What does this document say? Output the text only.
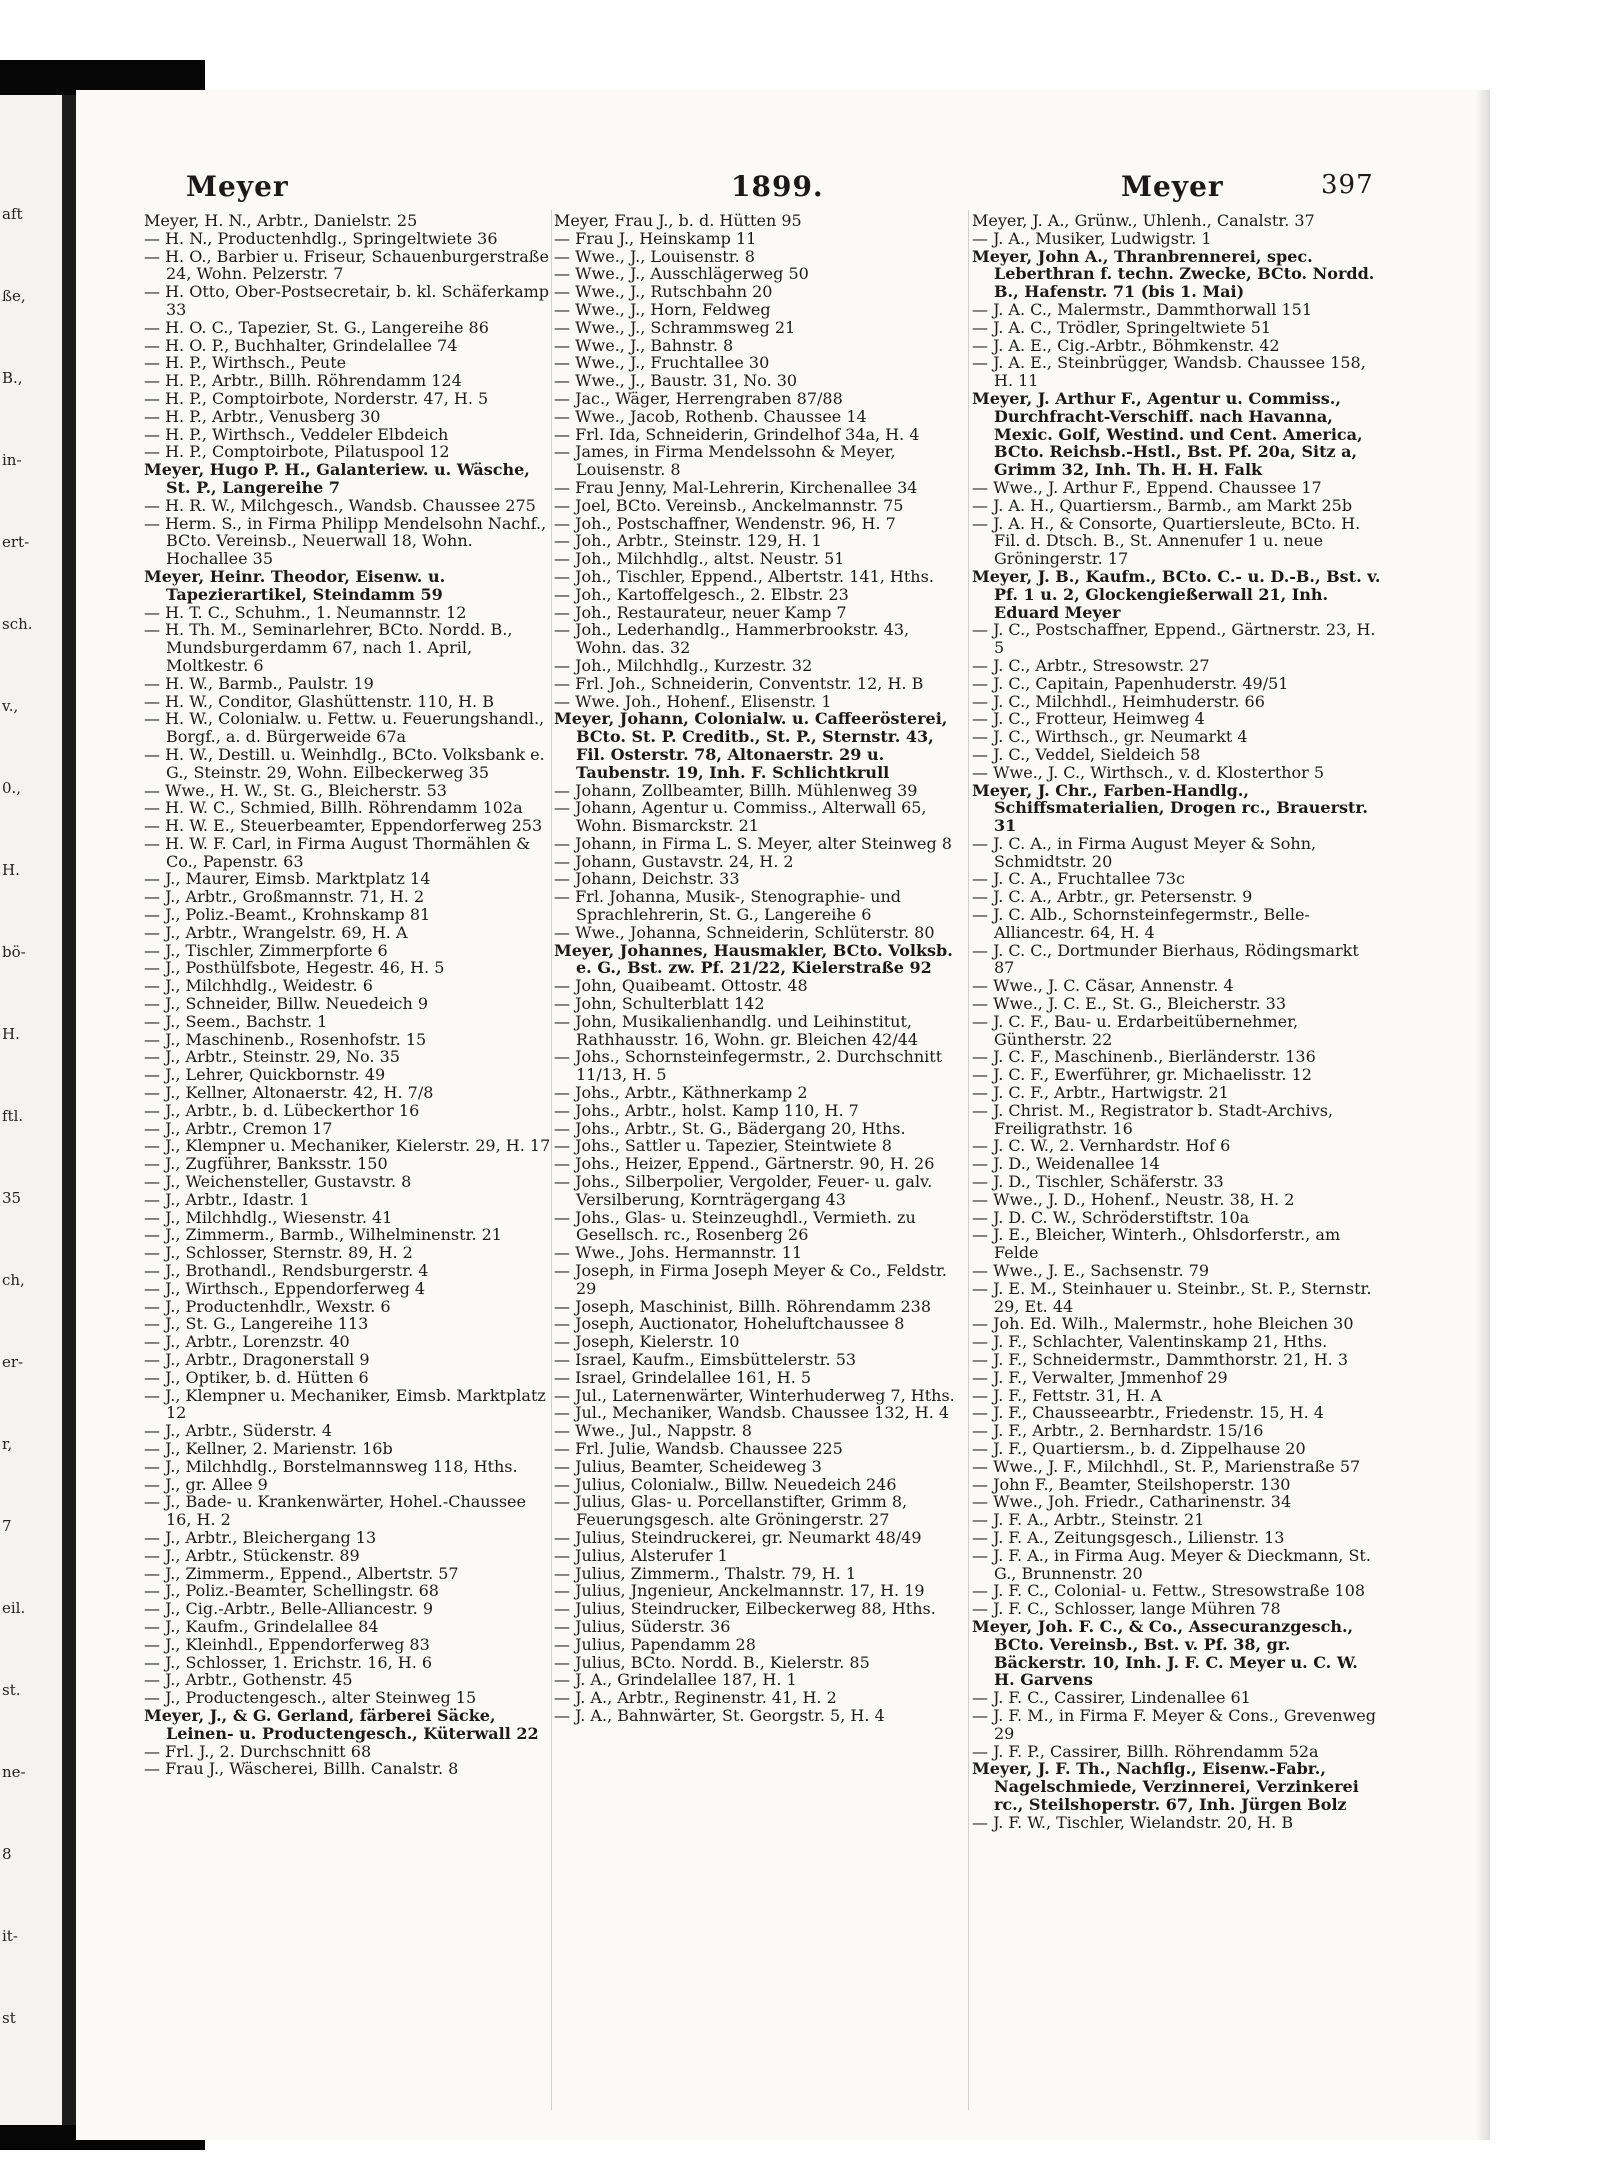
aft
ße,
B.,
in-
ert-
sch.
v.,
0.,
H.
bö-
H.
ftl.
35
ch,
er-
r,
7
eil.
st.
ne-
8
it-
st
Meyer	1899.	Meyer	397
Meyer, H. N., Arbtr., Danielstr. 25
— H. N., Productenhdlg., Springeltwiete 36
— H. O., Barbier u. Friseur, Schauenburgerstraße 24, Wohn. Pelzerstr. 7
— H. Otto, Ober-Postsecretair, b. kl. Schäferkamp 33
— H. O. C., Tapezier, St. G., Langereihe 86
— H. O. P., Buchhalter, Grindelallee 74
— H. P., Wirthsch., Peute
— H. P., Arbtr., Billh. Röhrendamm 124
— H. P., Comptoirbote, Norderstr. 47, H. 5
— H. P., Arbtr., Venusberg 30
— H. P., Wirthsch., Veddeler Elbdeich
— H. P., Comptoirbote, Pilatuspool 12
Meyer, Hugo P. H., Galanteriew. u. Wäsche, St. P., Langereihe 7
— H. R. W., Milchgesch., Wandsb. Chaussee 275
— Herm. S., in Firma Philipp Mendelsohn Nachf., BCto. Vereinsb., Neuerwall 18, Wohn. Hochallee 35
Meyer, Heinr. Theodor, Eisenw. u. Tapezierartikel, Steindamm 59
— H. T. C., Schuhm., 1. Neumannstr. 12
— H. Th. M., Seminarlehrer, BCto. Nordd. B., Mundsburgerdamm 67, nach 1. April, Moltkestr. 6
— H. W., Barmb., Paulstr. 19
— H. W., Conditor, Glashüttenstr. 110, H. B
— H. W., Colonialw. u. Fettw. u. Feuerungshandl., Borgf., a. d. Bürgerweide 67a
— H. W., Destill. u. Weinhdlg., BCto. Volksbank e. G., Steinstr. 29, Wohn. Eilbeckerweg 35
— Wwe., H. W., St. G., Bleicherstr. 53
— H. W. C., Schmied, Billh. Röhrendamm 102a
— H. W. E., Steuerbeamter, Eppendorferweg 253
— H. W. F. Carl, in Firma August Thormählen & Co., Papenstr. 63
— J., Maurer, Eimsb. Marktplatz 14
— J., Arbtr., Großmannstr. 71, H. 2
— J., Poliz.-Beamt., Krohnskamp 81
— J., Arbtr., Wrangelstr. 69, H. A
— J., Tischler, Zimmerpforte 6
— J., Posthülfsbote, Hegestr. 46, H. 5
— J., Milchhdlg., Weidestr. 6
— J., Schneider, Billw. Neuedeich 9
— J., Seem., Bachstr. 1
— J., Maschinenb., Rosenhofstr. 15
— J., Arbtr., Steinstr. 29, No. 35
— J., Lehrer, Quickbornstr. 49
— J., Kellner, Altonaerstr. 42, H. 7/8
— J., Arbtr., b. d. Lübeckerthor 16
— J., Arbtr., Cremon 17
— J., Klempner u. Mechaniker, Kielerstr. 29, H. 17
— J., Zugführer, Banksstr. 150
— J., Weichensteller, Gustavstr. 8
— J., Arbtr., Idastr. 1
— J., Milchhdlg., Wiesenstr. 41
— J., Zimmerm., Barmb., Wilhelminenstr. 21
— J., Schlosser, Sternstr. 89, H. 2
— J., Brothandl., Rendsburgerstr. 4
— J., Wirthsch., Eppendorferweg 4
— J., Productenhdlr., Wexstr. 6
— J., St. G., Langereihe 113
— J., Arbtr., Lorenzstr. 40
— J., Arbtr., Dragonerstall 9
— J., Optiker, b. d. Hütten 6
— J., Klempner u. Mechaniker, Eimsb. Marktplatz 12
— J., Arbtr., Süderstr. 4
— J., Kellner, 2. Marienstr. 16b
— J., Milchhdlg., Borstelmannsweg 118, Hths.
— J., gr. Allee 9
— J., Bade- u. Krankenwärter, Hohel.-Chaussee 16, H. 2
— J., Arbtr., Bleichergang 13
— J., Arbtr., Stückenstr. 89
— J., Zimmerm., Eppend., Albertstr. 57
— J., Poliz.-Beamter, Schellingstr. 68
— J., Cig.-Arbtr., Belle-Alliancestr. 9
— J., Kaufm., Grindelallee 84
— J., Kleinhdl., Eppendorferweg 83
— J., Schlosser, 1. Erichstr. 16, H. 6
— J., Arbtr., Gothenstr. 45
— J., Productengesch., alter Steinweg 15
Meyer, J., & G. Gerland, färberei Säcke, Leinen- u. Productengesch., Küterwall 22
— Frl. J., 2. Durchschnitt 68
— Frau J., Wäscherei, Billh. Canalstr. 8
Meyer, Frau J., b. d. Hütten 95
— Frau J., Heinskamp 11
— Wwe., J., Louisenstr. 8
— Wwe., J., Ausschlägerweg 50
— Wwe., J., Rutschbahn 20
— Wwe., J., Horn, Feldweg
— Wwe., J., Schrammsweg 21
— Wwe., J., Bahnstr. 8
— Wwe., J., Fruchtallee 30
— Wwe., J., Baustr. 31, No. 30
— Jac., Wäger, Herrengraben 87/88
— Wwe., Jacob, Rothenb. Chaussee 14
— Frl. Ida, Schneiderin, Grindelhof 34a, H. 4
— James, in Firma Mendelssohn & Meyer, Louisenstr. 8
— Frau Jenny, Mal-Lehrerin, Kirchenallee 34
— Joel, BCto. Vereinsb., Anckelmannstr. 75
— Joh., Postschaffner, Wendenstr. 96, H. 7
— Joh., Arbtr., Steinstr. 129, H. 1
— Joh., Milchhdlg., altst. Neustr. 51
— Joh., Tischler, Eppend., Albertstr. 141, Hths.
— Joh., Kartoffelgesch., 2. Elbstr. 23
— Joh., Restaurateur, neuer Kamp 7
— Joh., Lederhandlg., Hammerbrookstr. 43, Wohn. das. 32
— Joh., Milchhdlg., Kurzestr. 32
— Frl. Joh., Schneiderin, Conventstr. 12, H. B
— Wwe. Joh., Hohenf., Elisenstr. 1
Meyer, Johann, Colonialw. u. Caffeerösterei, BCto. St. P. Creditb., St. P., Sternstr. 43, Fil. Osterstr. 78, Altonaerstr. 29 u. Taubenstr. 19, Inh. F. Schlichtkrull
— Johann, Zollbeamter, Billh. Mühlenweg 39
— Johann, Agentur u. Commiss., Alterwall 65, Wohn. Bismarckstr. 21
— Johann, in Firma L. S. Meyer, alter Steinweg 8
— Johann, Gustavstr. 24, H. 2
— Johann, Deichstr. 33
— Frl. Johanna, Musik-, Stenographie- und Sprachlehrerin, St. G., Langereihe 6
— Wwe., Johanna, Schneiderin, Schlüterstr. 80
Meyer, Johannes, Hausmakler, BCto. Volksb. e. G., Bst. zw. Pf. 21/22, Kielerstraße 92
— John, Quaibeamt. Ottostr. 48
— John, Schulterblatt 142
— John, Musikalienhandlg. und Leihinstitut, Rathhausstr. 16, Wohn. gr. Bleichen 42/44
— Johs., Schornsteinfegermstr., 2. Durchschnitt 11/13, H. 5
— Johs., Arbtr., Käthnerkamp 2
— Johs., Arbtr., holst. Kamp 110, H. 7
— Johs., Arbtr., St. G., Bädergang 20, Hths.
— Johs., Sattler u. Tapezier, Steintwiete 8
— Johs., Heizer, Eppend., Gärtnerstr. 90, H. 26
— Johs., Silberpolier, Vergolder, Feuer- u. galv. Versilberung, Kornträgergang 43
— Johs., Glas- u. Steinzeughdl., Vermieth. zu Gesellsch. rc., Rosenberg 26
— Wwe., Johs. Hermannstr. 11
— Joseph, in Firma Joseph Meyer & Co., Feldstr. 29
— Joseph, Maschinist, Billh. Röhrendamm 238
— Joseph, Auctionator, Hoheluftchaussee 8
— Joseph, Kielerstr. 10
— Israel, Kaufm., Eimsbüttelerstr. 53
— Israel, Grindelallee 161, H. 5
— Jul., Laternenwärter, Winterhuderweg 7, Hths.
— Jul., Mechaniker, Wandsb. Chaussee 132, H. 4
— Wwe., Jul., Nappstr. 8
— Frl. Julie, Wandsb. Chaussee 225
— Julius, Beamter, Scheideweg 3
— Julius, Colonialw., Billw. Neuedeich 246
— Julius, Glas- u. Porcellanstifter, Grimm 8, Feuerungsgesch. alte Gröningerstr. 27
— Julius, Steindruckerei, gr. Neumarkt 48/49
— Julius, Alsterufer 1
— Julius, Zimmerm., Thalstr. 79, H. 1
— Julius, Jngenieur, Anckelmannstr. 17, H. 19
— Julius, Steindrucker, Eilbeckerweg 88, Hths.
— Julius, Süderstr. 36
— Julius, Papendamm 28
— Julius, BCto. Nordd. B., Kielerstr. 85
— J. A., Grindelallee 187, H. 1
— J. A., Arbtr., Reginenstr. 41, H. 2
— J. A., Bahnwärter, St. Georgstr. 5, H. 4
Meyer, J. A., Grünw., Uhlenh., Canalstr. 37
— J. A., Musiker, Ludwigstr. 1
Meyer, John A., Thranbrennerei, spec. Leberthran f. techn. Zwecke, BCto. Nordd. B., Hafenstr. 71 (bis 1. Mai)
— J. A. C., Malermstr., Dammthorwall 151
— J. A. C., Trödler, Springeltwiete 51
— J. A. E., Cig.-Arbtr., Böhmkenstr. 42
— J. A. E., Steinbrügger, Wandsb. Chaussee 158, H. 11
Meyer, J. Arthur F., Agentur u. Commiss., Durchfracht-Verschiff. nach Havanna, Mexic. Golf, Westind. und Cent. America, BCto. Reichsb.-Hstl., Bst. Pf. 20a, Sitz a, Grimm 32, Inh. Th. H. H. Falk
— Wwe., J. Arthur F., Eppend. Chaussee 17
— J. A. H., Quartiersm., Barmb., am Markt 25b
— J. A. H., & Consorte, Quartiersleute, BCto. H. Fil. d. Dtsch. B., St. Annenufer 1 u. neue Gröningerstr. 17
Meyer, J. B., Kaufm., BCto. C.- u. D.-B., Bst. v. Pf. 1 u. 2, Glockengießerwall 21, Inh. Eduard Meyer
— J. C., Postschaffner, Eppend., Gärtnerstr. 23, H. 5
— J. C., Arbtr., Stresowstr. 27
— J. C., Capitain, Papenhuderstr. 49/51
— J. C., Milchhdl., Heimhuderstr. 66
— J. C., Frotteur, Heimweg 4
— J. C., Wirthsch., gr. Neumarkt 4
— J. C., Veddel, Sieldeich 58
— Wwe., J. C., Wirthsch., v. d. Klosterthor 5
Meyer, J. Chr., Farben-Handlg., Schiffsmaterialien, Drogen rc., Brauerstr. 31
— J. C. A., in Firma August Meyer & Sohn, Schmidtstr. 20
— J. C. A., Fruchtallee 73c
— J. C. A., Arbtr., gr. Petersenstr. 9
— J. C. Alb., Schornsteinfegermstr., Belle-Alliancestr. 64, H. 4
— J. C. C., Dortmunder Bierhaus, Rödingsmarkt 87
— Wwe., J. C. Cäsar, Annenstr. 4
— Wwe., J. C. E., St. G., Bleicherstr. 33
— J. C. F., Bau- u. Erdarbeitübernehmer, Güntherstr. 22
— J. C. F., Maschinenb., Bierländerstr. 136
— J. C. F., Ewerführer, gr. Michaelisstr. 12
— J. C. F., Arbtr., Hartwigstr. 21
— J. Christ. M., Registrator b. Stadt-Archivs, Freiligrathstr. 16
— J. C. W., 2. Vernhardstr. Hof 6
— J. D., Weidenallee 14
— J. D., Tischler, Schäferstr. 33
— Wwe., J. D., Hohenf., Neustr. 38, H. 2
— J. D. C. W., Schröderstiftstr. 10a
— J. E., Bleicher, Winterh., Ohlsdorferstr., am Felde
— Wwe., J. E., Sachsenstr. 79
— J. E. M., Steinhauer u. Steinbr., St. P., Sternstr. 29, Et. 44
— Joh. Ed. Wilh., Malermstr., hohe Bleichen 30
— J. F., Schlachter, Valentinskamp 21, Hths.
— J. F., Schneidermstr., Dammthorstr. 21, H. 3
— J. F., Verwalter, Jmmenhof 29
— J. F., Fettstr. 31, H. A
— J. F., Chausseearbtr., Friedenstr. 15, H. 4
— J. F., Arbtr., 2. Bernhardstr. 15/16
— J. F., Quartiersm., b. d. Zippelhause 20
— Wwe., J. F., Milchhdl., St. P., Marienstraße 57
— John F., Beamter, Steilshoperstr. 130
— Wwe., Joh. Friedr., Catharinenstr. 34
— J. F. A., Arbtr., Steinstr. 21
— J. F. A., Zeitungsgesch., Lilienstr. 13
— J. F. A., in Firma Aug. Meyer & Dieckmann, St. G., Brunnenstr. 20
— J. F. C., Colonial- u. Fettw., Stresowstraße 108
— J. F. C., Schlosser, lange Mühren 78
Meyer, Joh. F. C., & Co., Assecuranzgesch., BCto. Vereinsb., Bst. v. Pf. 38, gr. Bäckerstr. 10, Inh. J. F. C. Meyer u. C. W. H. Garvens
— J. F. C., Cassirer, Lindenallee 61
— J. F. M., in Firma F. Meyer & Cons., Grevenweg 29
— J. F. P., Cassirer, Billh. Röhrendamm 52a
Meyer, J. F. Th., Nachflg., Eisenw.-Fabr., Nagelschmiede, Verzinnerei, Verzinkerei rc., Steilshoperstr. 67, Inh. Jürgen Bolz
— J. F. W., Tischler, Wielandstr. 20, H. B
